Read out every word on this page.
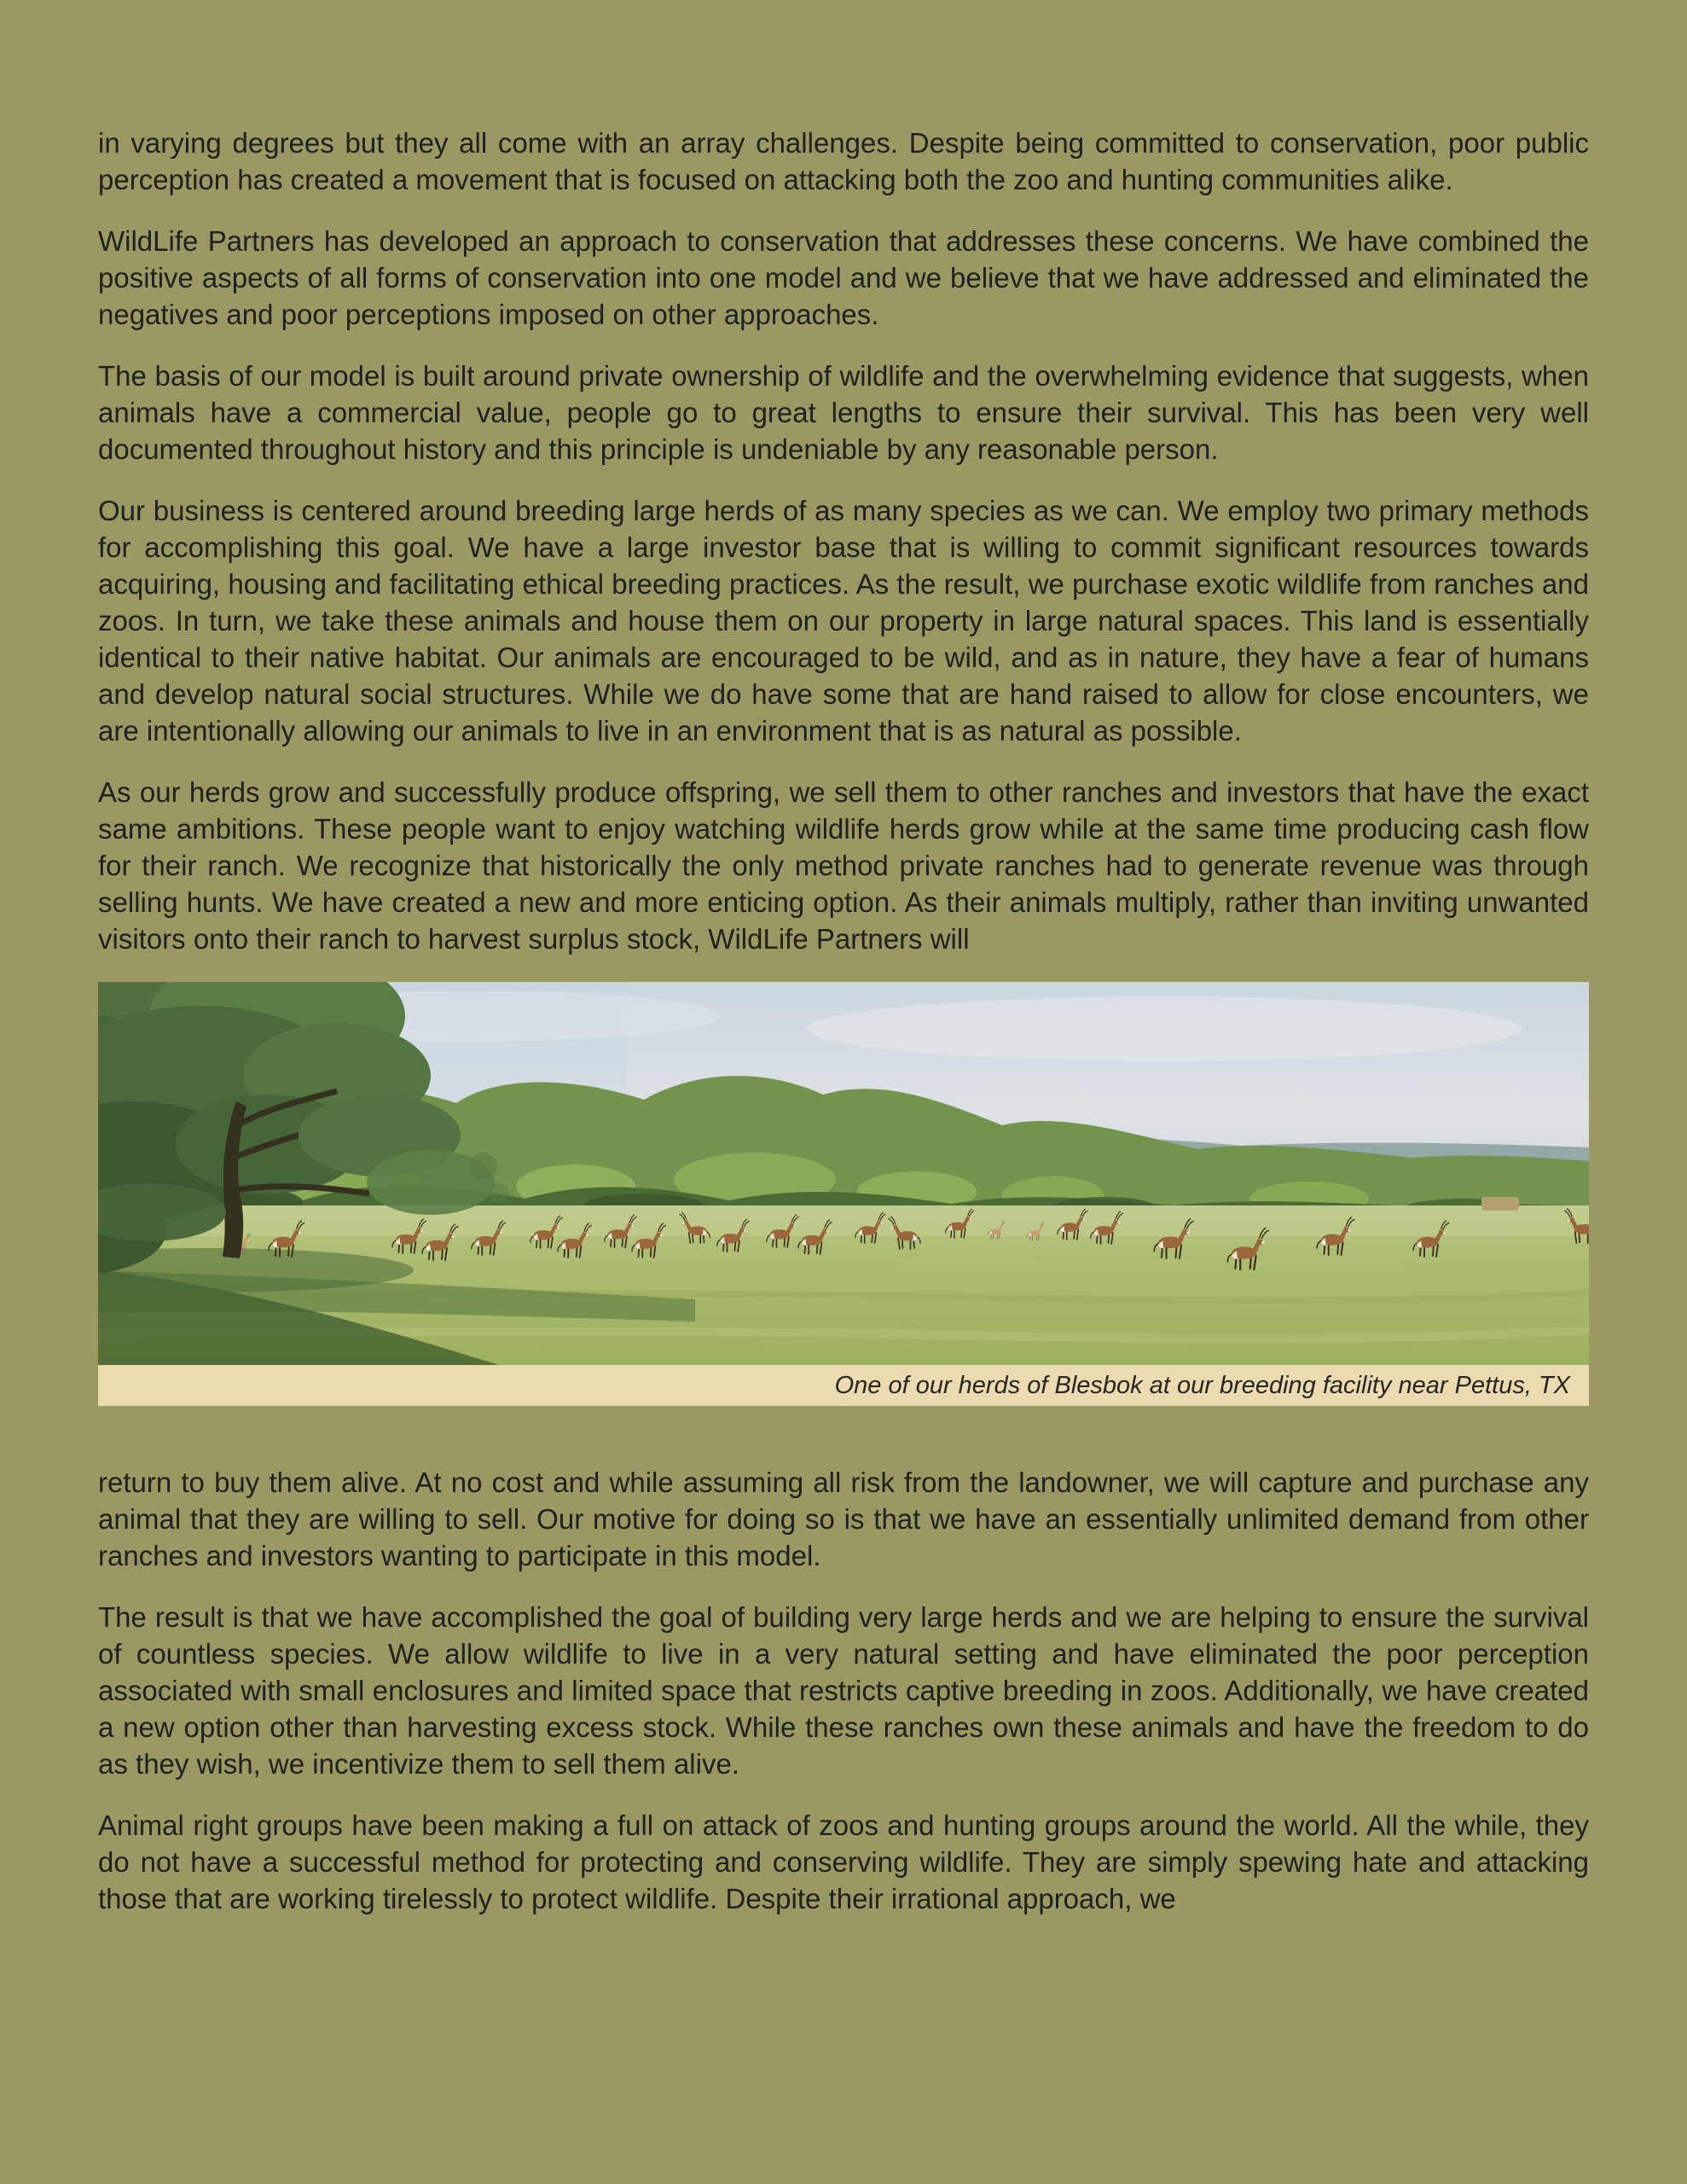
in varying degrees but they all come with an array challenges. Despite being committed to conservation, poor public perception has created a movement that is focused on attacking both the zoo and hunting communities alike.

WildLife Partners has developed an approach to conservation that addresses these concerns. We have combined the positive aspects of all forms of conservation into one model and we believe that we have addressed and eliminated the negatives and poor perceptions imposed on other approaches.

The basis of our model is built around private ownership of wildlife and the overwhelming evidence that suggests, when animals have a commercial value, people go to great lengths to ensure their survival. This has been very well documented throughout history and this principle is undeniable by any reasonable person.

Our business is centered around breeding large herds of as many species as we can. We employ two primary methods for accomplishing this goal. We have a large investor base that is willing to commit significant resources towards acquiring, housing and facilitating ethical breeding practices. As the result, we purchase exotic wildlife from ranches and zoos. In turn, we take these animals and house them on our property in large natural spaces. This land is essentially identical to their native habitat. Our animals are encouraged to be wild, and as in nature, they have a fear of humans and develop natural social structures. While we do have some that are hand raised to allow for close encounters, we are intentionally allowing our animals to live in an environment that is as natural as possible.

As our herds grow and successfully produce offspring, we sell them to other ranches and investors that have the exact same ambitions. These people want to enjoy watching wildlife herds grow while at the same time producing cash flow for their ranch. We recognize that historically the only method private ranches had to generate revenue was through selling hunts. We have created a new and more enticing option. As their animals multiply, rather than inviting unwanted visitors onto their ranch to harvest surplus stock, WildLife Partners will

One of our herds of Blesbok at our breeding facility near Pettus, TX

return to buy them alive. At no cost and while assuming all risk from the landowner, we will capture and purchase any animal that they are willing to sell. Our motive for doing so is that we have an essentially unlimited demand from other ranches and investors wanting to participate in this model.

The result is that we have accomplished the goal of building very large herds and we are helping to ensure the survival of countless species. We allow wildlife to live in a very natural setting and have eliminated the poor perception associated with small enclosures and limited space that restricts captive breeding in zoos. Additionally, we have created a new option other than harvesting excess stock. While these ranches own these animals and have the freedom to do as they wish, we incentivize them to sell them alive.

Animal right groups have been making a full on attack of zoos and hunting groups around the world. All the while, they do not have a successful method for protecting and conserving wildlife. They are simply spewing hate and attacking those that are working tirelessly to protect wildlife. Despite their irrational approach, we
